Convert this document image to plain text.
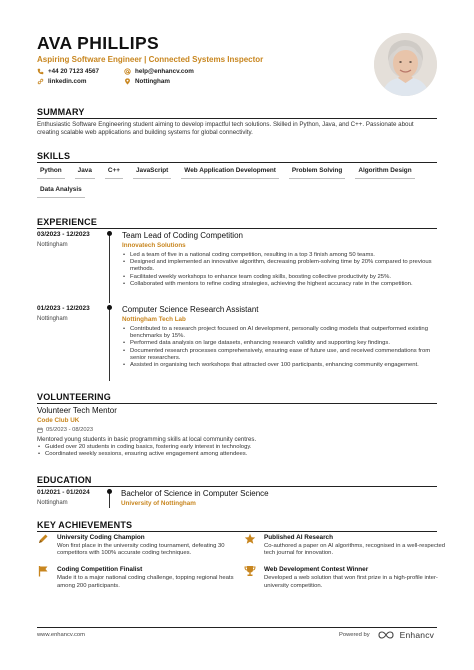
AVA PHILLIPS
Aspiring Software Engineer | Connected Systems Inspector
+44 20 7123 4567	help@enhancv.com
linkedin.com	Nottingham
SUMMARY
Enthusiastic Software Engineering student aiming to develop impactful tech solutions. Skilled in Python, Java, and C++. Passionate about creating scalable web applications and building systems for global connectivity.
SKILLS
Python	Java	C++	JavaScript	Web Application Development	Problem Solving	Algorithm Design
Data Analysis
EXPERIENCE
03/2023 - 12/2023
Nottingham
Team Lead of Coding Competition
Innovatech Solutions
• Led a team of five in a national coding competition, resulting in a top 3 finish among 50 teams.
• Designed and implemented an innovative algorithm, decreasing problem-solving time by 20% compared to previous methods.
• Facilitated weekly workshops to enhance team coding skills, boosting collective productivity by 25%.
• Collaborated with mentors to refine coding strategies, achieving the highest accuracy rate in the competition.
01/2023 - 12/2023
Nottingham
Computer Science Research Assistant
Nottingham Tech Lab
• Contributed to a research project focused on AI development, personally coding models that outperformed existing benchmarks by 15%.
• Performed data analysis on large datasets, enhancing research validity and supporting key findings.
• Documented research processes comprehensively, ensuring ease of future use, and received commendations from senior researchers.
• Assisted in organising tech workshops that attracted over 100 participants, enhancing community engagement.
VOLUNTEERING
Volunteer Tech Mentor
Code Club UK
05/2023 - 08/2023
Mentored young students in basic programming skills at local community centres.
• Guided over 20 students in coding basics, fostering early interest in technology.
• Coordinated weekly sessions, ensuring active engagement among attendees.
EDUCATION
01/2021 - 01/2024
Nottingham
Bachelor of Science in Computer Science
University of Nottingham
KEY ACHIEVEMENTS
University Coding Champion
Won first place in the university coding tournament, defeating 30 competitors with 100% accurate coding techniques.
Published AI Research
Co-authored a paper on AI algorithms, recognised in a well-respected tech journal for innovation.
Coding Competition Finalist
Made it to a major national coding challenge, topping regional heats among 200 participants.
Web Development Contest Winner
Developed a web solution that won first prize in a high-profile inter-university competition.
www.enhancv.com	Powered by	Enhancv
